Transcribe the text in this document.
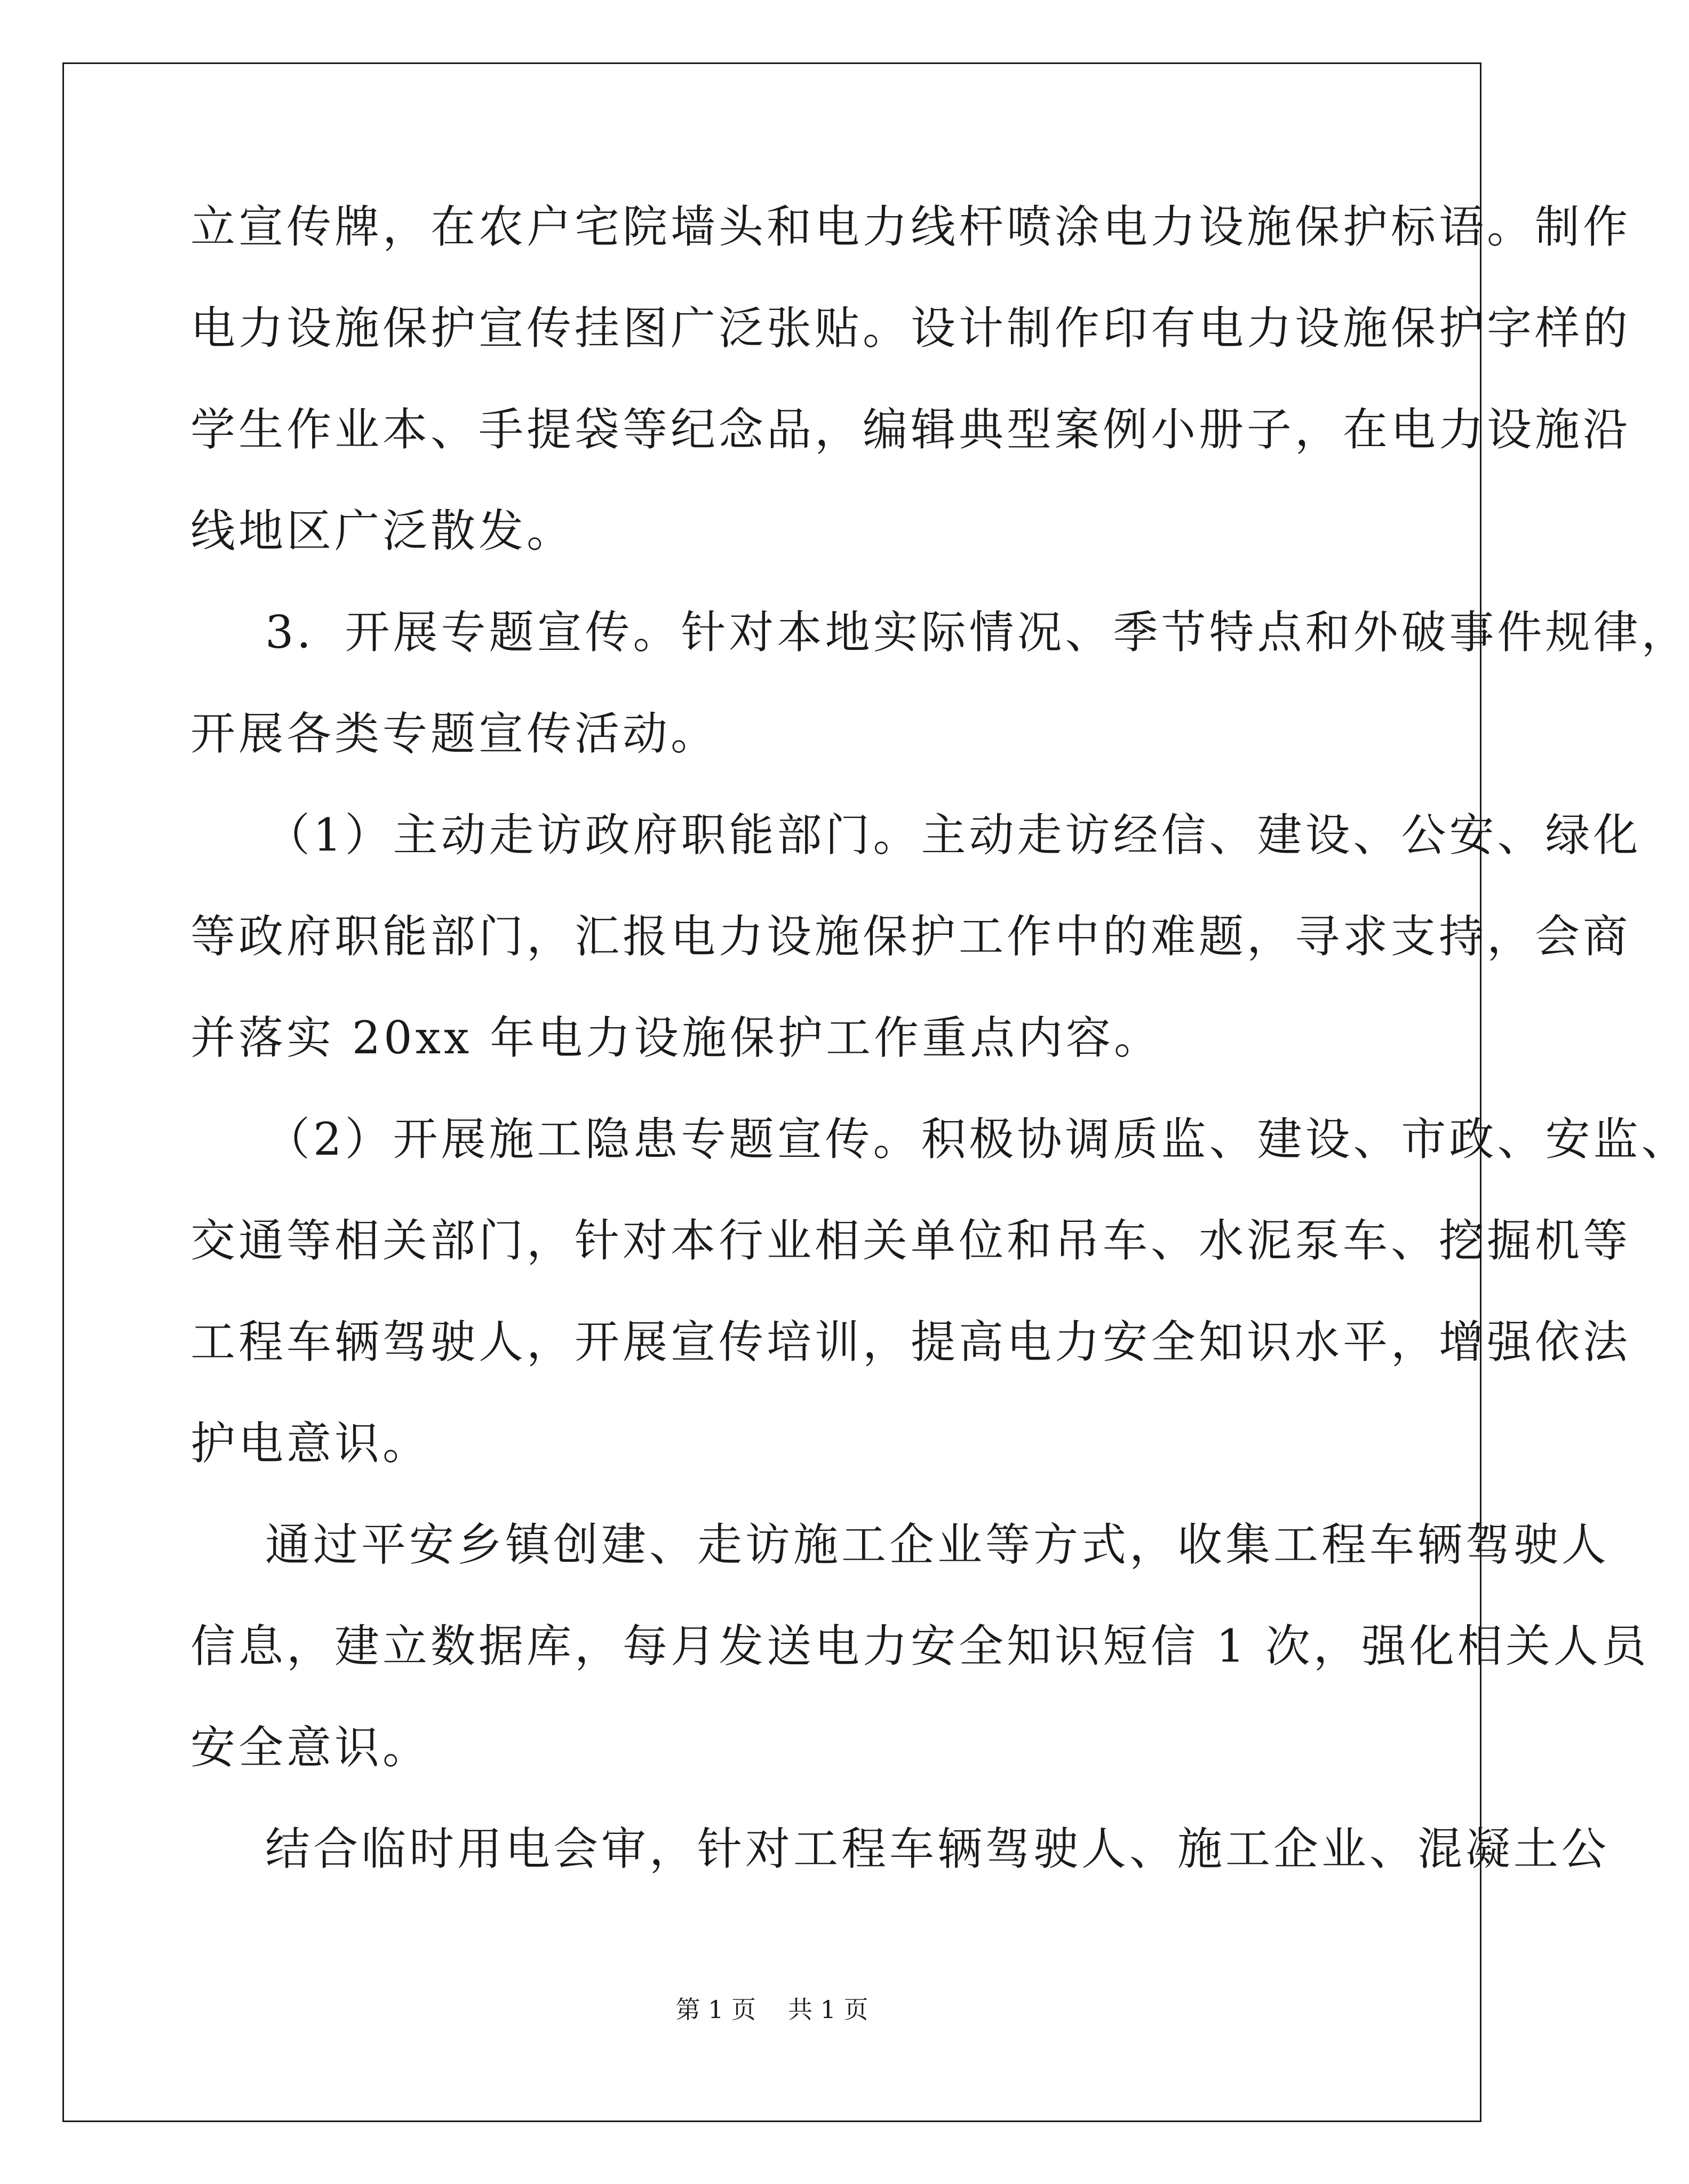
立宣传牌，在农户宅院墙头和电力线杆喷涂电力设施保护标语。制作
电力设施保护宣传挂图广泛张贴。设计制作印有电力设施保护字样的
学生作业本、手提袋等纪念品，编辑典型案例小册子，在电力设施沿
线地区广泛散发。
3．开展专题宣传。针对本地实际情况、季节特点和外破事件规律，
开展各类专题宣传活动。
（1）主动走访政府职能部门。主动走访经信、建设、公安、绿化
等政府职能部门，汇报电力设施保护工作中的难题，寻求支持，会商
并落实 20xx 年电力设施保护工作重点内容。
（2）开展施工隐患专题宣传。积极协调质监、建设、市政、安监、
交通等相关部门，针对本行业相关单位和吊车、水泥泵车、挖掘机等
工程车辆驾驶人，开展宣传培训，提高电力安全知识水平，增强依法
护电意识。
通过平安乡镇创建、走访施工企业等方式，收集工程车辆驾驶人
信息，建立数据库，每月发送电力安全知识短信 1 次，强化相关人员
安全意识。
结合临时用电会审，针对工程车辆驾驶人、施工企业、混凝土公
第 1 页 共 1 页
